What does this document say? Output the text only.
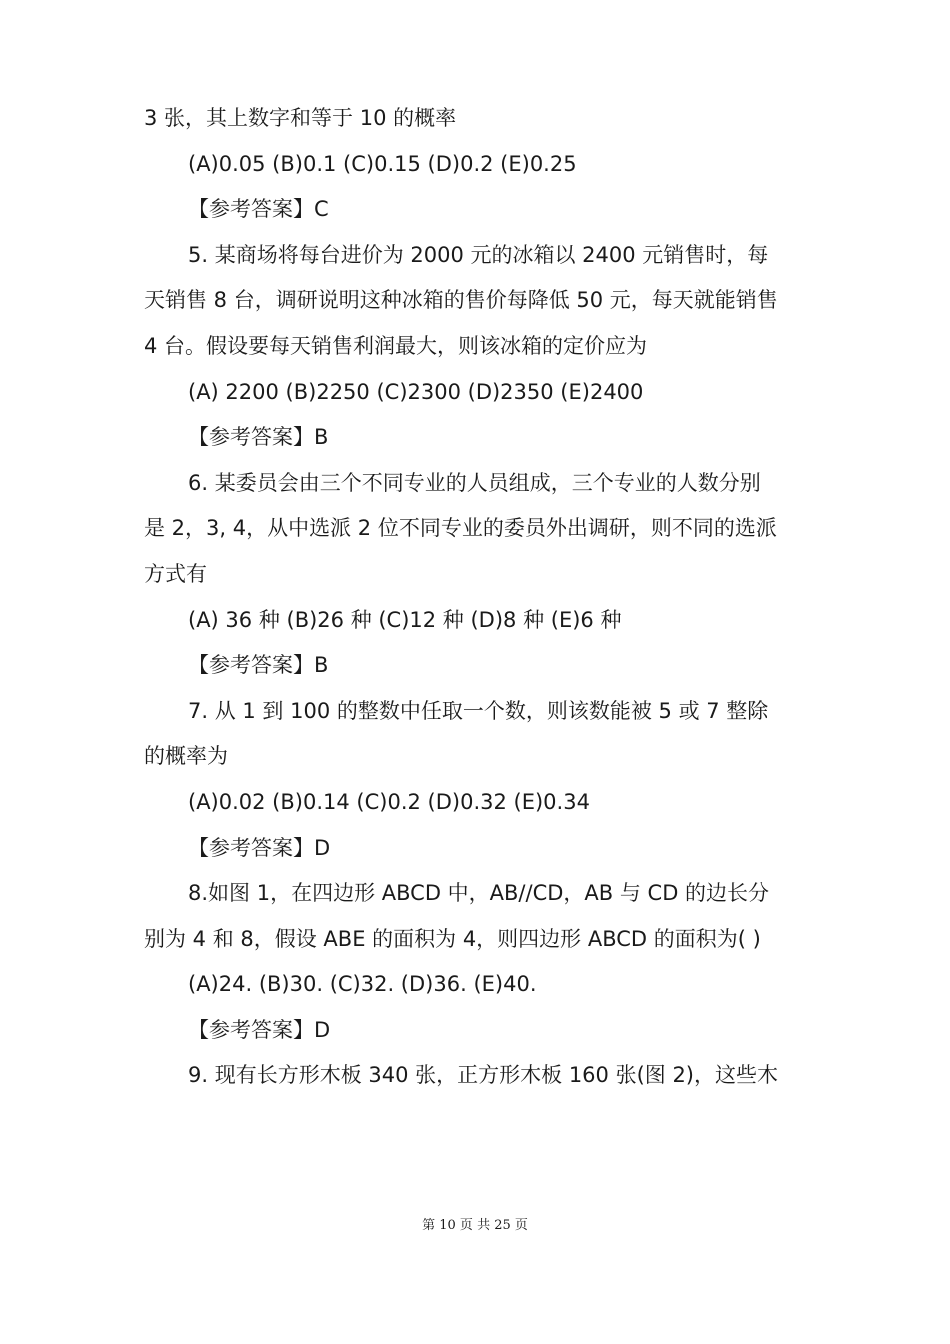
3 张，其上数字和等于 10 的概率

(A)0.05 (B)0.1 (C)0.15 (D)0.2 (E)0.25

【参考答案】C

5. 某商场将每台进价为 2000 元的冰箱以 2400 元销售时，每

天销售 8 台，调研说明这种冰箱的售价每降低 50 元，每天就能销售

4 台。假设要每天销售利润最大，则该冰箱的定价应为

(A) 2200 (B)2250 (C)2300 (D)2350 (E)2400

【参考答案】B

6. 某委员会由三个不同专业的人员组成，三个专业的人数分别

是 2，3, 4，从中选派 2 位不同专业的委员外出调研，则不同的选派

方式有

(A) 36 种 (B)26 种 (C)12 种 (D)8 种 (E)6 种

【参考答案】B

7. 从 1 到 100 的整数中任取一个数，则该数能被 5 或 7 整除

的概率为

(A)0.02 (B)0.14 (C)0.2 (D)0.32 (E)0.34

【参考答案】D

8.如图 1，在四边形 ABCD 中，AB//CD，AB 与 CD 的边长分

别为 4 和 8，假设 ABE 的面积为 4，则四边形 ABCD 的面积为( )

(A)24. (B)30. (C)32. (D)36. (E)40.

【参考答案】D

9. 现有长方形木板 340 张，正方形木板 160 张(图 2)，这些木

第 10 页 共 25 页
